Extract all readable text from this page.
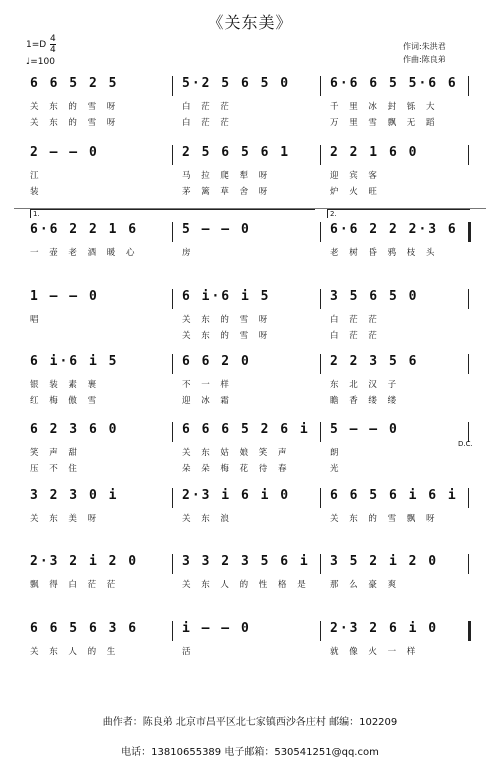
《关东美》
1=D
4
4
♩=100
作词:朱洪君
作曲:陈良弟
6 6 5 2 5
关 东 的 雪 呀
关 东 的 雪 呀
5·2 5 6 5 0
白 茫 茫
白 茫 茫
6·6 6 5 5·6 6
千 里 冰 封 铄 大
万 里 雪 飘 无 蹈
2 — — 0
江
装
2 5 6 5 6 1
马 拉 爬 犁 呀
茅 篱 草 舍 呀
2 2 1 6 0
迎 宾 客
炉 火 旺
6·6 2 2 1 6
一 壶 老 酒 暖 心
5 — — 0
房
6·6 2 2 2·3 6
老 树 昏 鸦 枝 头
1 — — 0
唱
6 i·6 i 5
关 东 的 雪 呀
关 东 的 雪 呀
3 5 6 5 0
白 茫 茫
白 茫 茫
6 i·6 i 5
银 装 素 裹
红 梅 傲 雪
6 6 2 0
不 一 样
迎 冰 霜
2 2 3 5 6
东 北 汉 子
瞻 香 缕 缕
6 2 3 6 0
笑 声 甜
压 不 住
6 6 6 5 2 6 i
关 东 姑 娘 笑 声
朵 朵 梅 花 待 春
5 — — 0
朗
光
3 2 3 0 i
关 东 美 呀
2·3 i 6 i 0
关 东 浪
6 6 5 6 i 6 i
关 东 的 雪 飘 呀
2·3 2 i 2 0
飘 得 白 茫 茫
3 3 2 3 5 6 i
关 东 人 的 性 格 是
3 5 2 i 2 0
那 么 豪 爽
6 6 5 6 3 6
关 东 人 的 生
i — — 0
活
2·3 2 6 i 0
就 像 火 一 样
1.	2.
D.C.
曲作者：陈良弟 北京市昌平区北七家镇西沙各庄村 邮编：102209
电话：13810655389 电子邮箱：530541251@qq.com
